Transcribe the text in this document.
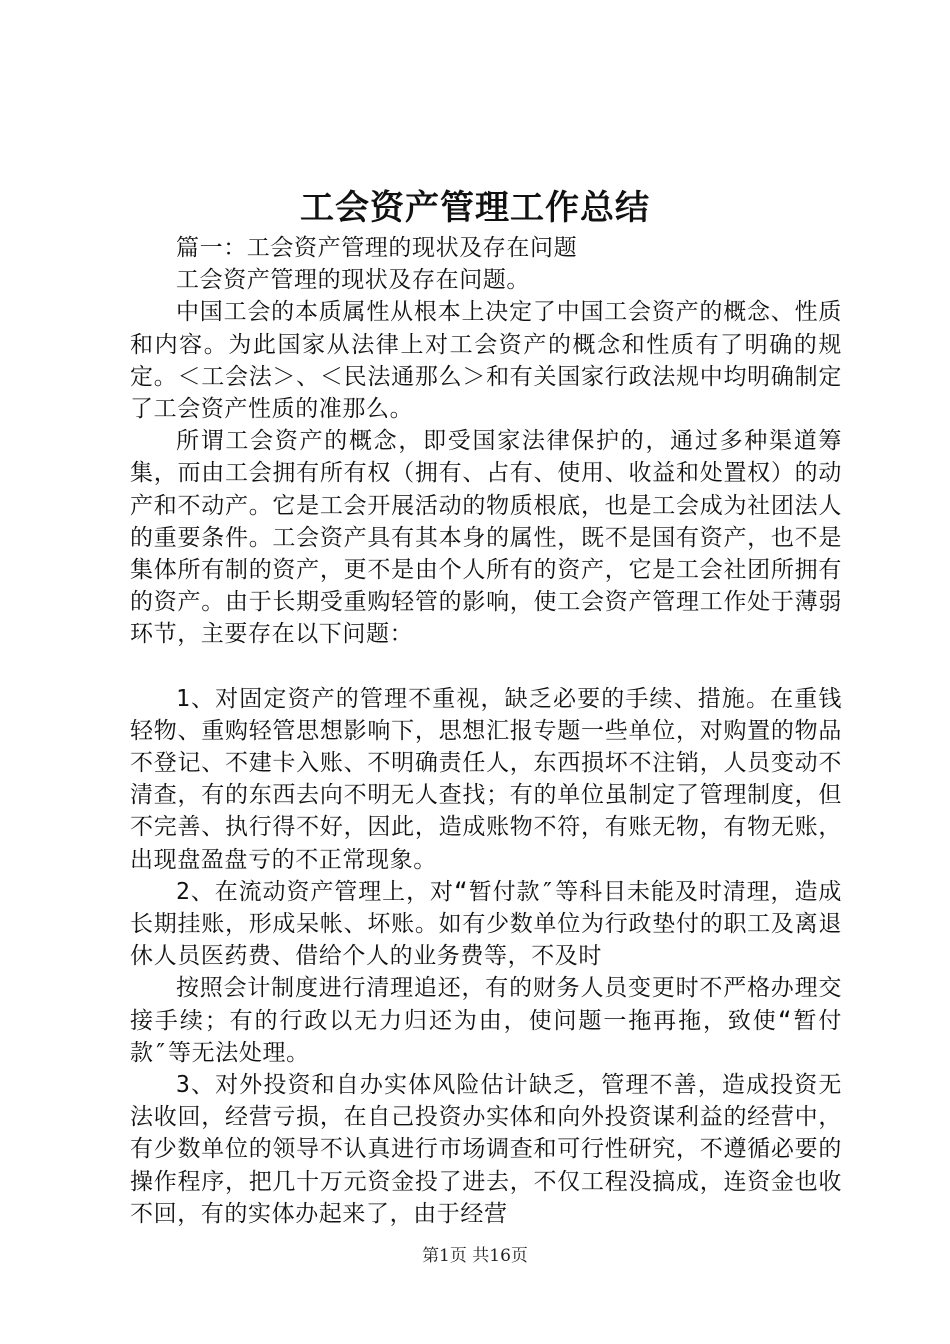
工会资产管理工作总结

篇一：工会资产管理的现状及存在问题

工会资产管理的现状及存在问题。

中国工会的本质属性从根本上决定了中国工会资产的概念、性质和内容。为此国家从法律上对工会资产的概念和性质有了明确的规定。＜工会法＞、＜民法通那么＞和有关国家行政法规中均明确制定了工会资产性质的准那么。

所谓工会资产的概念，即受国家法律保护的，通过多种渠道筹集，而由工会拥有所有权（拥有、占有、使用、收益和处置权）的动产和不动产。它是工会开展活动的物质根底，也是工会成为社团法人的重要条件。工会资产具有其本身的属性，既不是国有资产，也不是集体所有制的资产，更不是由个人所有的资产，它是工会社团所拥有的资产。由于长期受重购轻管的影响，使工会资产管理工作处于薄弱环节，主要存在以下问题：

1、对固定资产的管理不重视，缺乏必要的手续、措施。在重钱轻物、重购轻管思想影响下，思想汇报专题一些单位，对购置的物品不登记、不建卡入账、不明确责任人，东西损坏不注销，人员变动不清查，有的东西去向不明无人查找；有的单位虽制定了管理制度，但不完善、执行得不好，因此，造成账物不符，有账无物，有物无账，出现盘盈盘亏的不正常现象。

2、在流动资产管理上，对“暂付款″等科目未能及时清理，造成长期挂账，形成呆帐、坏账。如有少数单位为行政垫付的职工及离退休人员医药费、借给个人的业务费等，不及时

按照会计制度进行清理追还，有的财务人员变更时不严格办理交接手续；有的行政以无力归还为由，使问题一拖再拖，致使“暂付款″等无法处理。

3、对外投资和自办实体风险估计缺乏，管理不善，造成投资无法收回，经营亏损，在自己投资办实体和向外投资谋利益的经营中，有少数单位的领导不认真进行市场调查和可行性研究，不遵循必要的操作程序，把几十万元资金投了进去，不仅工程没搞成，连资金也收不回，有的实体办起来了，由于经营

第1页 共16页
